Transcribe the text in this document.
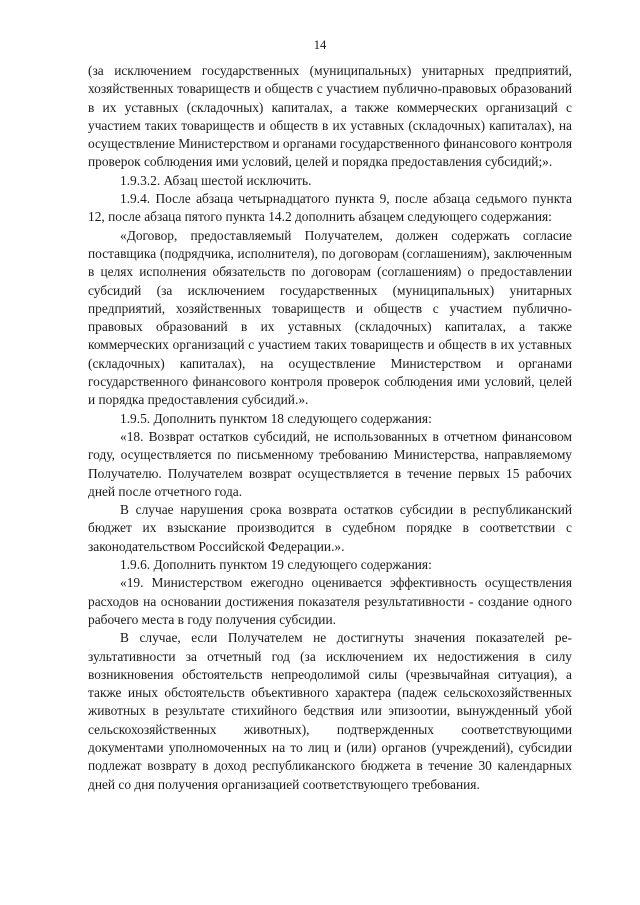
14

(за исключением государственных (муниципальных) унитарных предприятий, хозяйственных товариществ и обществ с участием публично-правовых образований в их уставных (складочных) капиталах, а также коммерческих организаций с участием таких товариществ и обществ в их уставных (складочных) капиталах), на осуществление Министерством и органами государственного финансового контроля проверок соблюдения ими условий, целей и порядка предоставления субсидий;».

1.9.3.2. Абзац шестой исключить.

1.9.4. После абзаца четырнадцатого пункта 9, после абзаца седьмого пункта 12, после абзаца пятого пункта 14.2 дополнить абзацем следующего содержания:

«Договор, предоставляемый Получателем, должен содержать согласие поставщика (подрядчика, исполнителя), по договорам (соглашениям), заключенным в целях исполнения обязательств по договорам (соглашениям) о предоставлении субсидий (за исключением государственных (муниципальных) унитарных предприятий, хозяйственных товариществ и обществ с участием публично-правовых образований в их уставных (складочных) капиталах, а также коммерческих организаций с участием таких товариществ и обществ в их уставных (складочных) капиталах), на осуществление Министерством и органами государственного финансового контроля проверок соблюдения ими условий, целей и порядка предоставления субсидий.».

1.9.5. Дополнить пунктом 18 следующего содержания:

«18. Возврат остатков субсидий, не использованных в отчетном финансовом году, осуществляется по письменному требованию Министерства, направляемому Получателю. Получателем возврат осуществляется в течение первых 15 рабочих дней после отчетного года.

В случае нарушения срока возврата остатков субсидии в республиканский бюджет их взыскание производится в судебном порядке в соответствии с законодательством Российской Федерации.».

1.9.6. Дополнить пунктом 19 следующего содержания:

«19. Министерством ежегодно оценивается эффективность осуществления расходов на основании достижения показателя результативности - создание одного рабочего места в году получения субсидии.

В случае, если Получателем не достигнуты значения показателей результативности за отчетный год (за исключением их недостижения в силу возникновения обстоятельств непреодолимой силы (чрезвычайная ситуация), а также иных обстоятельств объективного характера (падеж сельскохозяйственных животных в результате стихийного бедствия или эпизоотии, вынужденный убой сельскохозяйственных животных), подтвержденных соответствующими документами уполномоченных на то лиц и (или) органов (учреждений), субсидии подлежат возврату в доход республиканского бюджета в течение 30 календарных дней со дня получения организацией соответствующего требования.
